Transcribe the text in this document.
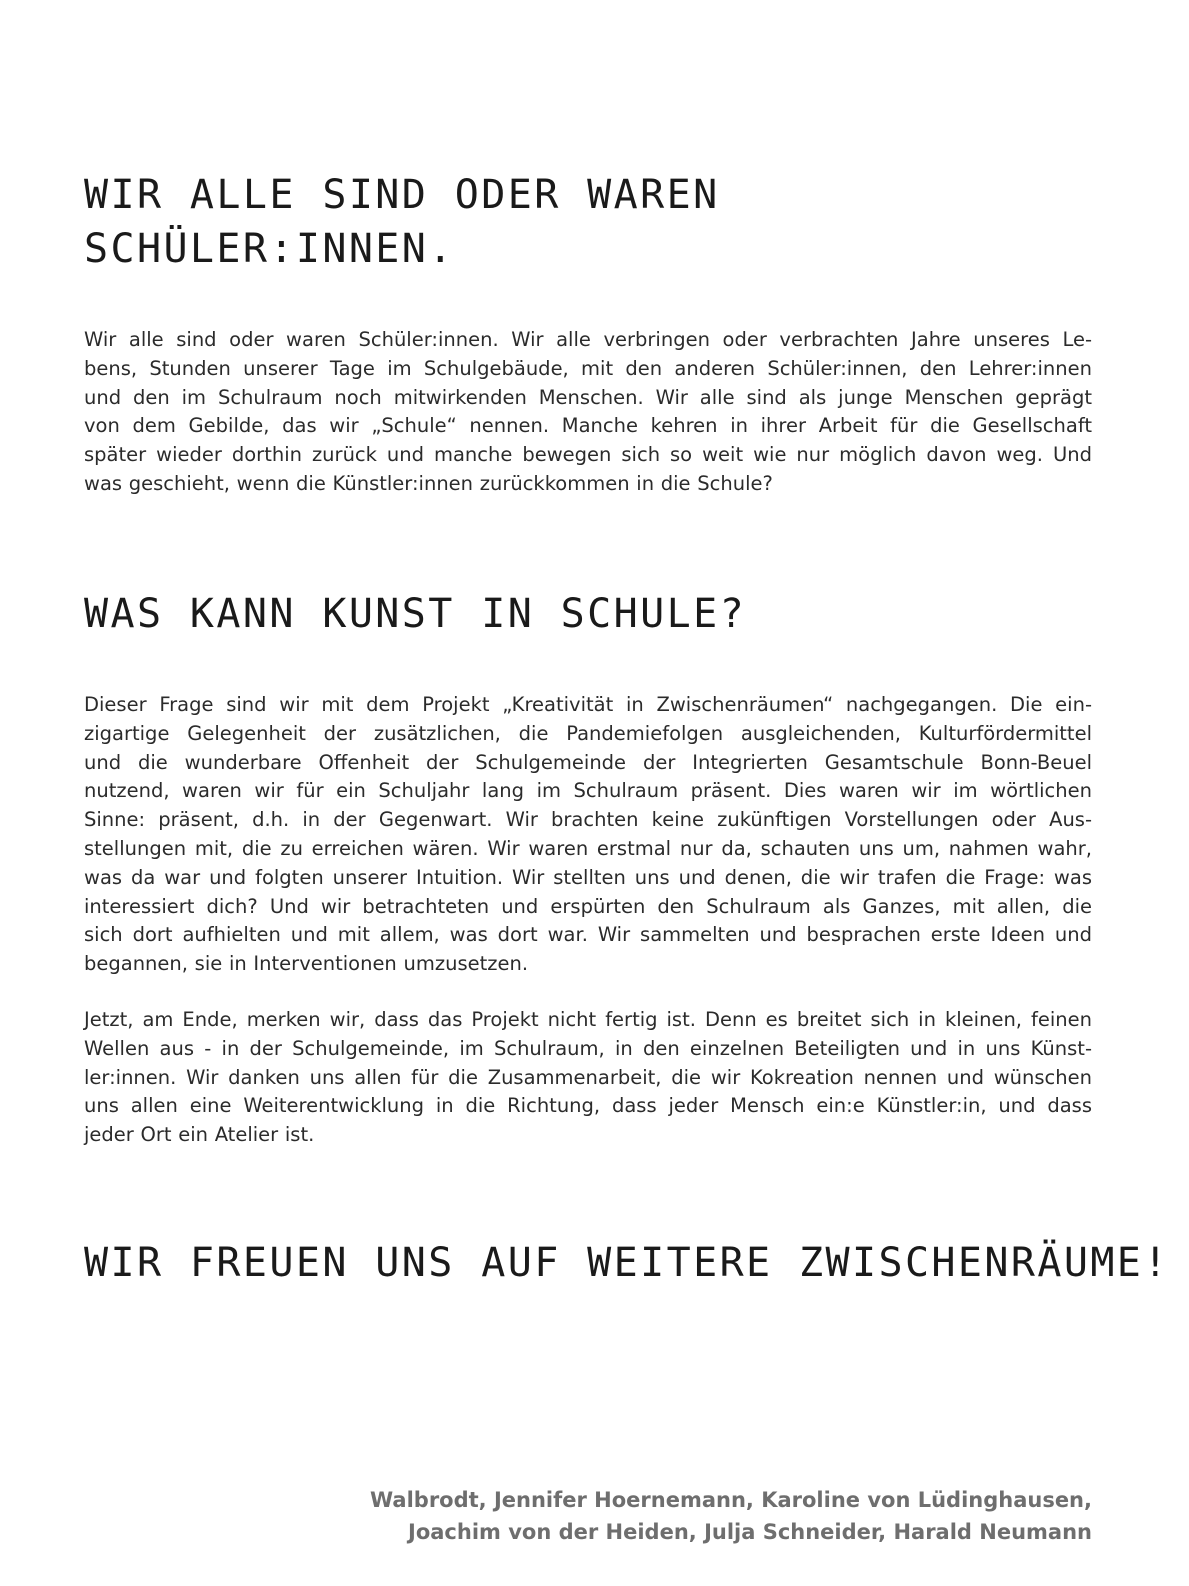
WIR ALLE SIND ODER WAREN
SCHÜLER:INNEN.
Wir alle sind oder waren Schüler:innen. Wir alle verbringen oder verbrachten Jahre unseres Le-
bens, Stunden unserer Tage im Schulgebäude, mit den anderen Schüler:innen, den Lehrer:innen
und den im Schulraum noch mitwirkenden Menschen. Wir alle sind als junge Menschen geprägt
von dem Gebilde, das wir „Schule“ nennen. Manche kehren in ihrer Arbeit für die Gesellschaft
später wieder dorthin zurück und manche bewegen sich so weit wie nur möglich davon weg. Und
was geschieht, wenn die Künstler:innen zurückkommen in die Schule?
WAS KANN KUNST IN SCHULE?
Dieser Frage sind wir mit dem Projekt „Kreativität in Zwischenräumen“ nachgegangen. Die ein-
zigartige Gelegenheit der zusätzlichen, die Pandemiefolgen ausgleichenden, Kulturfördermittel
und die wunderbare Offenheit der Schulgemeinde der Integrierten Gesamtschule Bonn-Beuel
nutzend, waren wir für ein Schuljahr lang im Schulraum präsent. Dies waren wir im wörtlichen
Sinne: präsent, d.h. in der Gegenwart. Wir brachten keine zukünftigen Vorstellungen oder Aus-
stellungen mit, die zu erreichen wären. Wir waren erstmal nur da, schauten uns um, nahmen wahr,
was da war und folgten unserer Intuition. Wir stellten uns und denen, die wir trafen die Frage: was
interessiert dich? Und wir betrachteten und erspürten den Schulraum als Ganzes, mit allen, die
sich dort aufhielten und mit allem, was dort war. Wir sammelten und besprachen erste Ideen und
begannen, sie in Interventionen umzusetzen.
Jetzt, am Ende, merken wir, dass das Projekt nicht fertig ist. Denn es breitet sich in kleinen, feinen
Wellen aus - in der Schulgemeinde, im Schulraum, in den einzelnen Beteiligten und in uns Künst-
ler:innen. Wir danken uns allen für die Zusammenarbeit, die wir Kokreation nennen und wünschen
uns allen eine Weiterentwicklung in die Richtung, dass jeder Mensch ein:e Künstler:in, und dass
jeder Ort ein Atelier ist.
WIR FREUEN UNS AUF WEITERE ZWISCHENRÄUME!
Walbrodt, Jennifer Hoernemann, Karoline von Lüdinghausen,
Joachim von der Heiden, Julja Schneider, Harald Neumann
